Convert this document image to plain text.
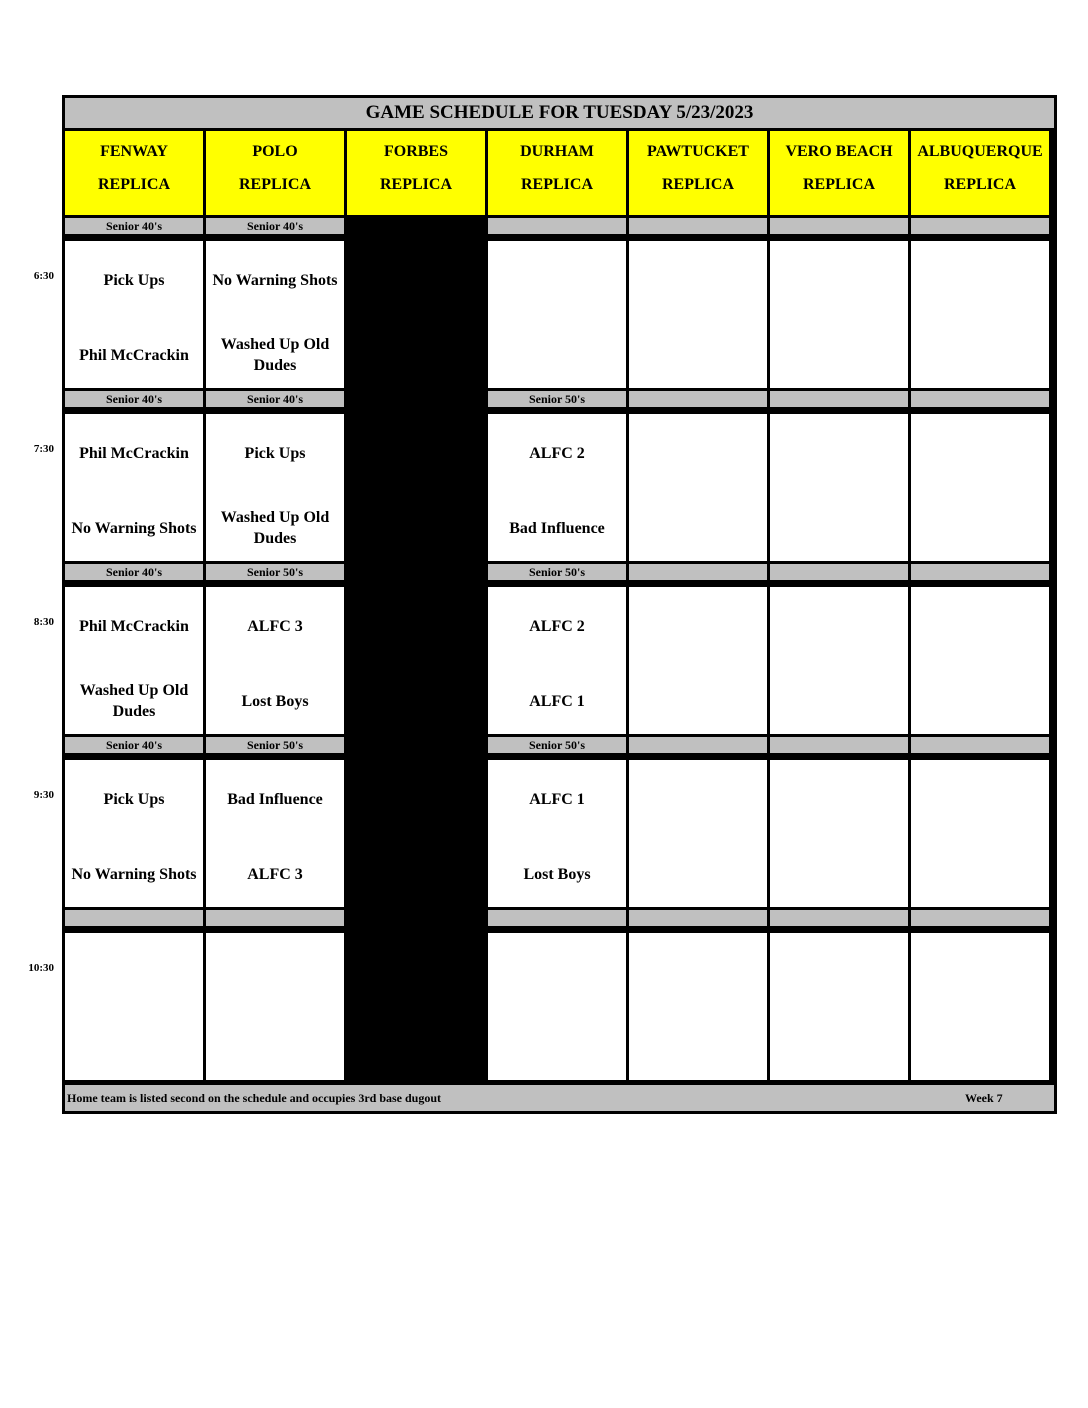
6:30
7:30
8:30
9:30
10:30
GAME SCHEDULE FOR TUESDAY 5/23/2023
FENWAY
REPLICA
Senior 40's
Pick Ups
Phil McCrackin
Senior 40's
Phil McCrackin
No Warning Shots
Senior 40's
Phil McCrackin
Washed Up Old Dudes
Senior 40's
Pick Ups
No Warning Shots
POLO
REPLICA
Senior 40's
No Warning Shots
Washed Up Old Dudes
Senior 40's
Pick Ups
Washed Up Old Dudes
Senior 50's
ALFC 3
Lost Boys
Senior 50's
Bad Influence
ALFC 3
FORBES
REPLICA
DURHAM
REPLICA
Senior 50's
ALFC 2
Bad Influence
Senior 50's
ALFC 2
ALFC 1
Senior 50's
ALFC 1
Lost Boys
PAWTUCKET
REPLICA
VERO BEACH
REPLICA
ALBUQUERQUE
REPLICA
Home team is listed second on the schedule and occupies 3rd base dugout	Week 7
